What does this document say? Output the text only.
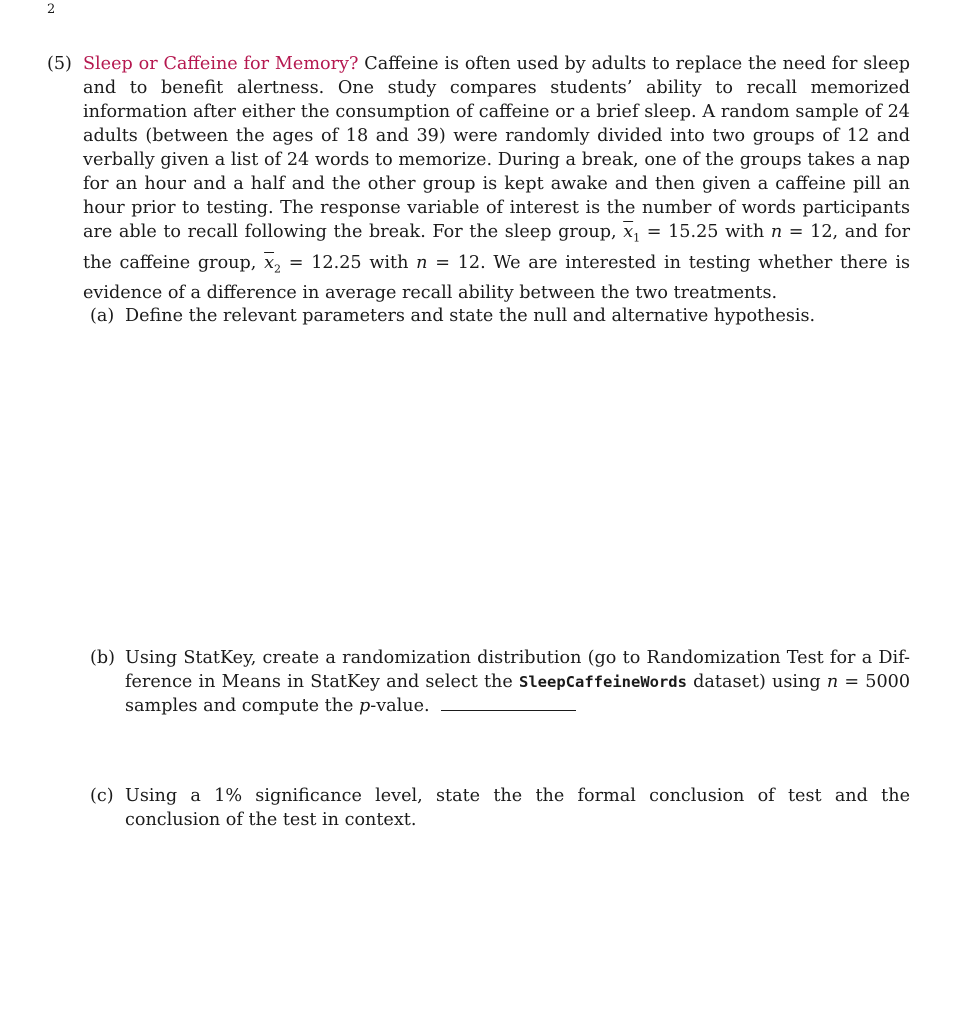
2
(5) Sleep or Caffeine for Memory? Caffeine is often used by adults to replace the need for sleep and to benefit alertness. One study compares students’ ability to recall memorized information after either the consumption of caffeine or a brief sleep. A random sample of 24 adults (between the ages of 18 and 39) were randomly divided into two groups of 12 and verbally given a list of 24 words to memorize. During a break, one of the groups takes a nap for an hour and a half and the other group is kept awake and then given a caffeine pill an hour prior to testing. The response variable of interest is the number of words participants are able to recall following the break. For the sleep group, $\overline{x}_1 = 15.25$ with n = 12, and for the caffeine group, $\overline{x}_2 = 12.25$ with n = 12. We are interested in testing whether there is evidence of a difference in average recall ability between the two treatments.
(a) Define the relevant parameters and state the null and alternative hypothesis.
(b) Using StatKey, create a randomization distribution (go to Randomization Test for a Dif-ference in Means in StatKey and select the SleepCaffeineWords dataset) using n = 5000 samples and compute the p-value.
(c) Using a 1% significance level, state the the formal conclusion of test and the conclusion of the test in context.
